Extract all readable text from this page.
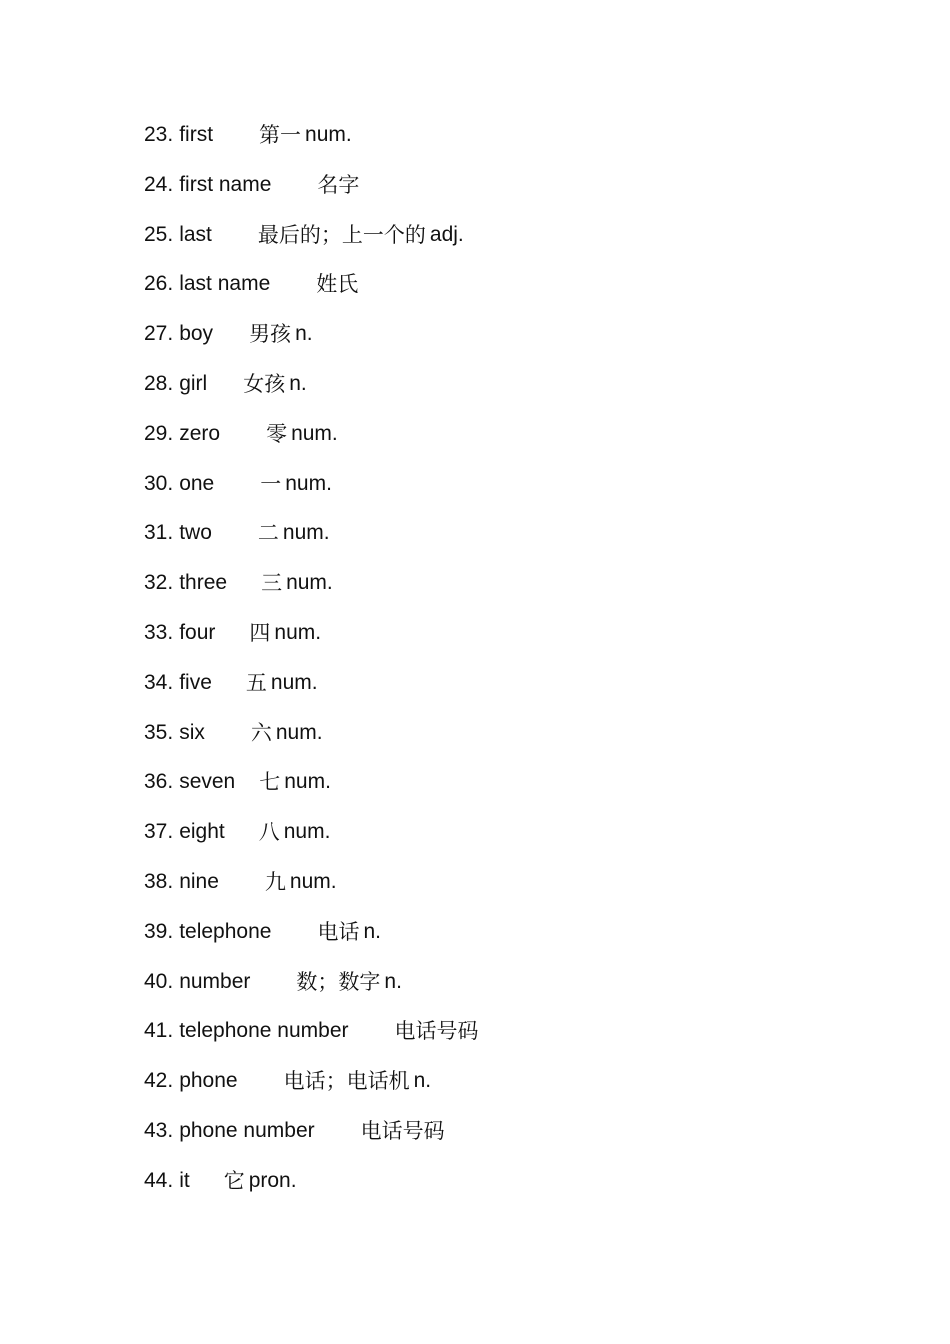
23. first 第一 num.
24. first name 名字
25. last 最后的；上一个的 adj.
26. last name 姓氏
27. boy 男孩 n.
28. girl 女孩 n.
29. zero 零 num.
30. one 一 num.
31. two 二 num.
32. three 三 num.
33. four 四 num.
34. five 五 num.
35. six 六 num.
36. seven 七 num.
37. eight 八 num.
38. nine 九 num.
39. telephone 电话 n.
40. number 数；数字 n.
41. telephone number 电话号码
42. phone 电话；电话机 n.
43. phone number 电话号码
44. it 它 pron.
